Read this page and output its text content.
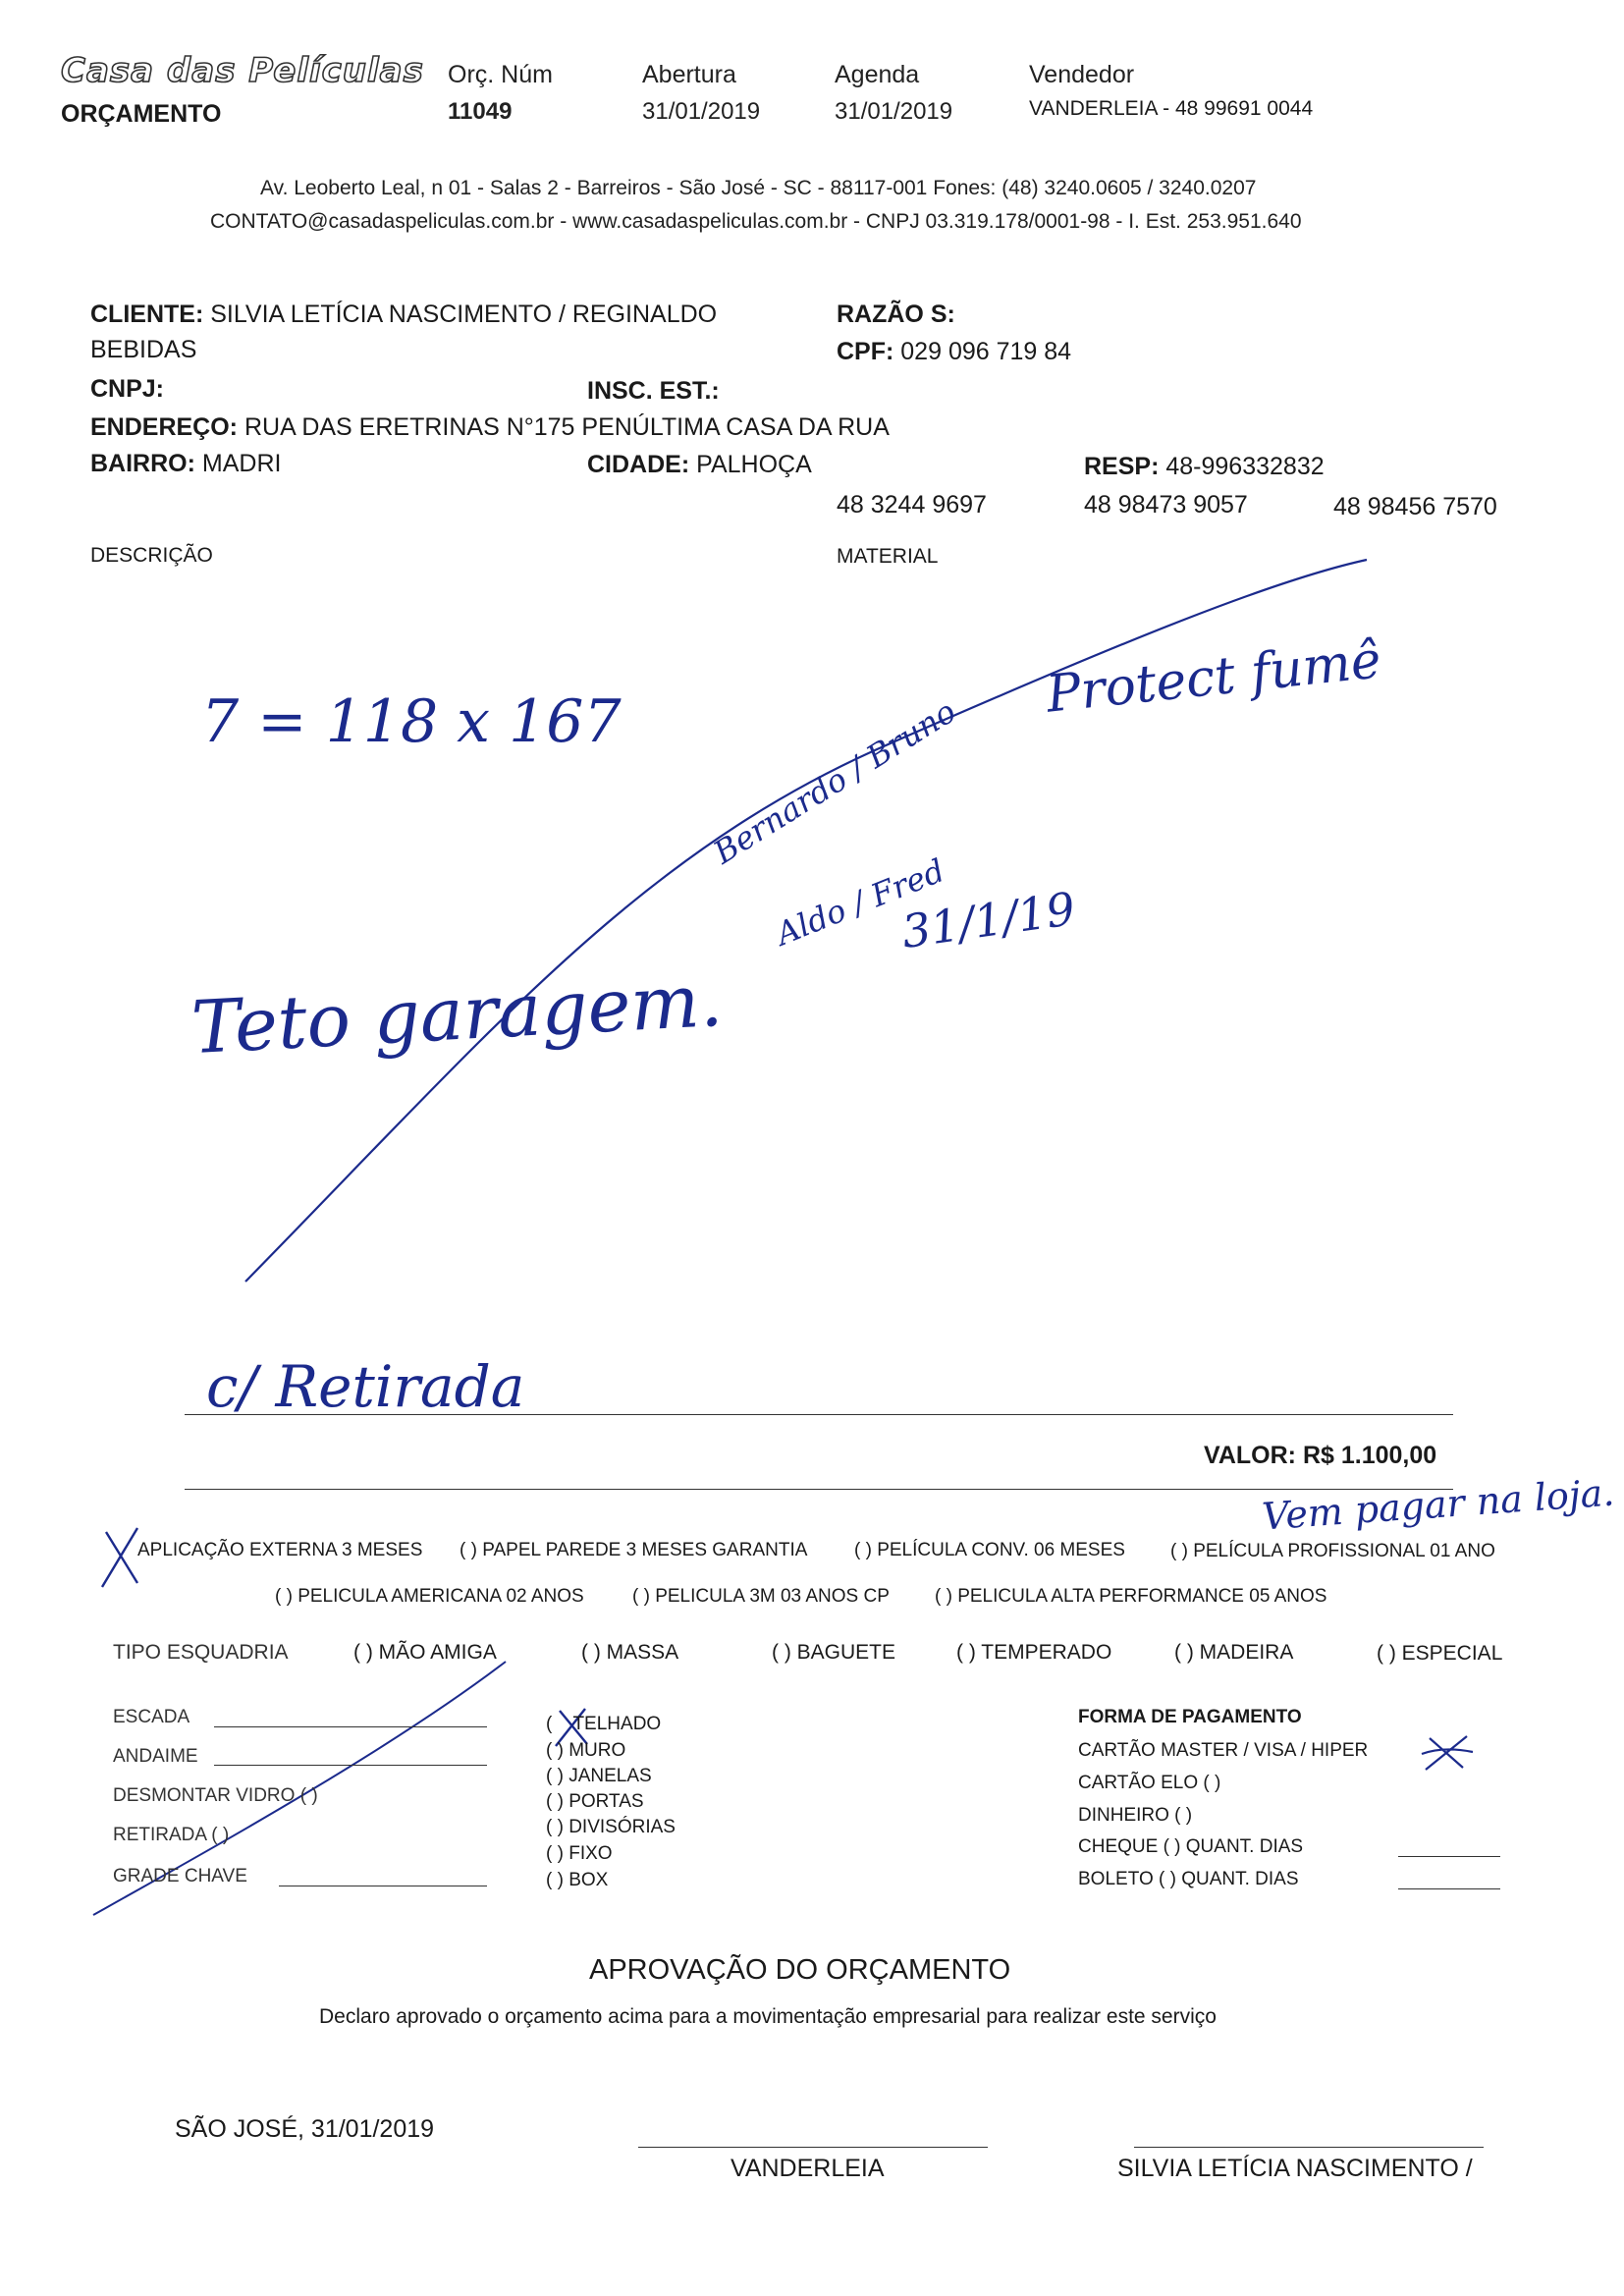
Casa das Películas
ORÇAMENTO
Orç. Núm
11049
Abertura
31/01/2019
Agenda
31/01/2019
Vendedor
VANDERLEIA - 48 99691 0044
Av. Leoberto Leal, n 01 - Salas 2 - Barreiros - São José - SC - 88117-001 Fones: (48) 3240.0605 / 3240.0207
CONTATO@casadaspeliculas.com.br - www.casadaspeliculas.com.br - CNPJ 03.319.178/0001-98 - I. Est. 253.951.640
CLIENTE: SILVIA LETÍCIA NASCIMENTO / REGINALDO
BEBIDAS
RAZÃO S:
CPF: 029 096 719 84
CNPJ:	INSC. EST.:
ENDEREÇO: RUA DAS ERETRINAS N°175 PENÚLTIMA CASA DA RUA
BAIRRO: MADRI	CIDADE: PALHOÇA	RESP: 48-996332832
48 3244 9697	48 98473 9057	48 98456 7570
DESCRIÇÃO	MATERIAL
7 = 118 x 167	Protect fumê
Bernardo / Bruno
Aldo / Fred
31/1/19
Teto garagem.
c/ Retirada
Vem pagar na loja.
VALOR: R$ 1.100,00
APLICAÇÃO EXTERNA 3 MESES ( ) PAPEL PAREDE 3 MESES GARANTIA	( ) PELÍCULA CONV. 06 MESES ( ) PELÍCULA PROFISSIONAL 01 ANO
( ) PELICULA AMERICANA 02 ANOS	( ) PELICULA 3M 03 ANOS CP ( ) PELICULA ALTA PERFORMANCE 05 ANOS
TIPO ESQUADRIA	( ) MÃO AMIGA	( ) MASSA	( ) BAGUETE	( ) TEMPERADO	( ) MADEIRA	( ) ESPECIAL
ESCADA
ANDAIME
DESMONTAR VIDRO ( )
RETIRADA ( )
GRADE CHAVE
(    TELHADO
( ) MURO
( ) JANELAS
( ) PORTAS
( ) DIVISÓRIAS
( ) FIXO
( ) BOX
FORMA DE PAGAMENTO
CARTÃO MASTER / VISA / HIPER
CARTÃO ELO ( )
DINHEIRO ( )
CHEQUE ( ) QUANT. DIAS
BOLETO ( ) QUANT. DIAS
APROVAÇÃO DO ORÇAMENTO
Declaro aprovado o orçamento acima para a movimentação empresarial para realizar este serviço
SÃO JOSÉ, 31/01/2019
VANDERLEIA	SILVIA LETÍCIA NASCIMENTO /
